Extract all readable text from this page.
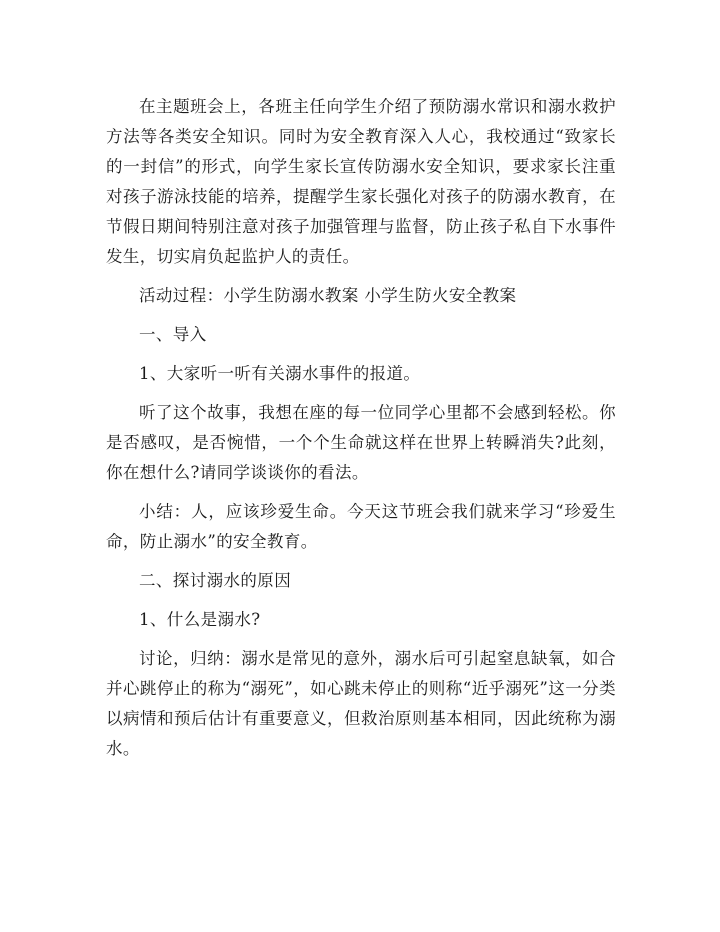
在主题班会上，各班主任向学生介绍了预防溺水常识和溺水救护方法等各类安全知识。同时为安全教育深入人心，我校通过“致家长的一封信”的形式，向学生家长宣传防溺水安全知识，要求家长注重对孩子游泳技能的培养，提醒学生家长强化对孩子的防溺水教育，在节假日期间特别注意对孩子加强管理与监督，防止孩子私自下水事件发生，切实肩负起监护人的责任。

活动过程：小学生防溺水教案 小学生防火安全教案

一、导入

1、大家听一听有关溺水事件的报道。

听了这个故事，我想在座的每一位同学心里都不会感到轻松。你是否感叹，是否惋惜，一个个生命就这样在世界上转瞬消失?此刻，你在想什么?请同学谈谈你的看法。

小结：人，应该珍爱生命。今天这节班会我们就来学习“珍爱生命，防止溺水”的安全教育。

二、探讨溺水的原因

1、什么是溺水?

讨论，归纳：溺水是常见的意外，溺水后可引起窒息缺氧，如合并心跳停止的称为“溺死”，如心跳未停止的则称“近乎溺死”这一分类以病情和预后估计有重要意义，但救治原则基本相同，因此统称为溺水。
